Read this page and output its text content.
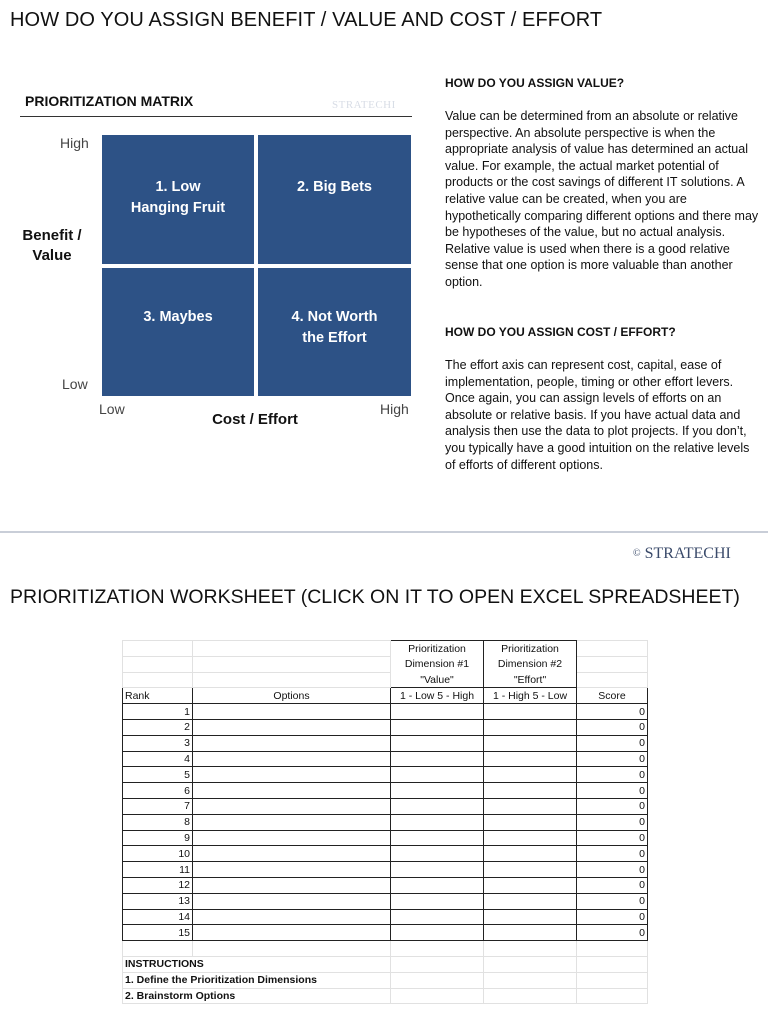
HOW DO YOU ASSIGN BENEFIT / VALUE AND COST / EFFORT
PRIORITIZATION MATRIX	STRATECHI
High
Low
Benefit /
Value
1. Low
Hanging Fruit
2. Big Bets
3. Maybes	4. Not Worth
the Effort
Low	High
Cost / Effort
HOW DO YOU ASSIGN VALUE?
Value can be determined from an absolute or relative perspective. An absolute perspective is when the appropriate analysis of value has determined an actual value. For example, the actual market potential of products or the cost savings of different IT solutions. A relative value can be created, when you are hypothetically comparing different options and there may be hypotheses of the value, but no actual analysis. Relative value is used when there is a good relative sense that one option is more valuable than another option.
HOW DO YOU ASSIGN COST / EFFORT?
The effort axis can represent cost, capital, ease of implementation, people, timing or other effort levers. Once again, you can assign levels of efforts on an absolute or relative basis. If you have actual data and analysis then use the data to plot projects. If you don’t, you typically have a good intuition on the relative levels of efforts of different options.
© STRATECHI
PRIORITIZATION WORKSHEET (CLICK ON IT TO OPEN EXCEL SPREADSHEET)
		Prioritization	Prioritization	
		Dimension #1	Dimension #2	
		"Value"	"Effort"	
Rank	Options	1 - Low 5 - High	1 - High 5 - Low	Score
1				0
2				0
3				0
4				0
5				0
6				0
7				0
8				0
9				0
10				0
11				0
12				0
13				0
14				0
15				0

INSTRUCTIONS				
1. Define the Prioritization Dimensions				
2. Brainstorm Options				
